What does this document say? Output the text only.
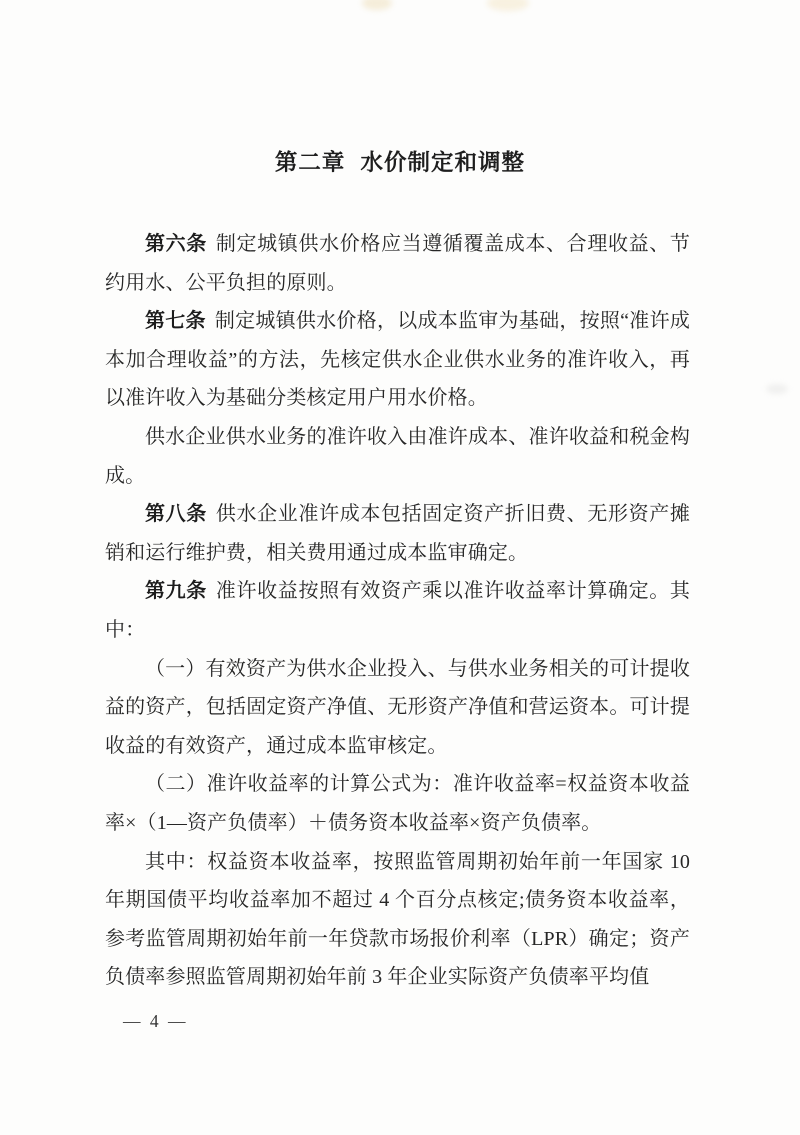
第二章 水价制定和调整

第六条 制定城镇供水价格应当遵循覆盖成本、合理收益、节约用水、公平负担的原则。

第七条 制定城镇供水价格，以成本监审为基础，按照“准许成本加合理收益”的方法，先核定供水企业供水业务的准许收入，再以准许收入为基础分类核定用户用水价格。

供水企业供水业务的准许收入由准许成本、准许收益和税金构成。

第八条 供水企业准许成本包括固定资产折旧费、无形资产摊销和运行维护费，相关费用通过成本监审确定。

第九条 准许收益按照有效资产乘以准许收益率计算确定。其中：

（一）有效资产为供水企业投入、与供水业务相关的可计提收益的资产，包括固定资产净值、无形资产净值和营运资本。可计提收益的有效资产，通过成本监审核定。

（二）准许收益率的计算公式为：准许收益率=权益资本收益率×（1—资产负债率）＋债务资本收益率×资产负债率。

其中：权益资本收益率，按照监管周期初始年前一年国家 10 年期国债平均收益率加不超过 4 个百分点核定;债务资本收益率，参考监管周期初始年前一年贷款市场报价利率（LPR）确定；资产负债率参照监管周期初始年前 3 年企业实际资产负债率平均值

— 4 —
